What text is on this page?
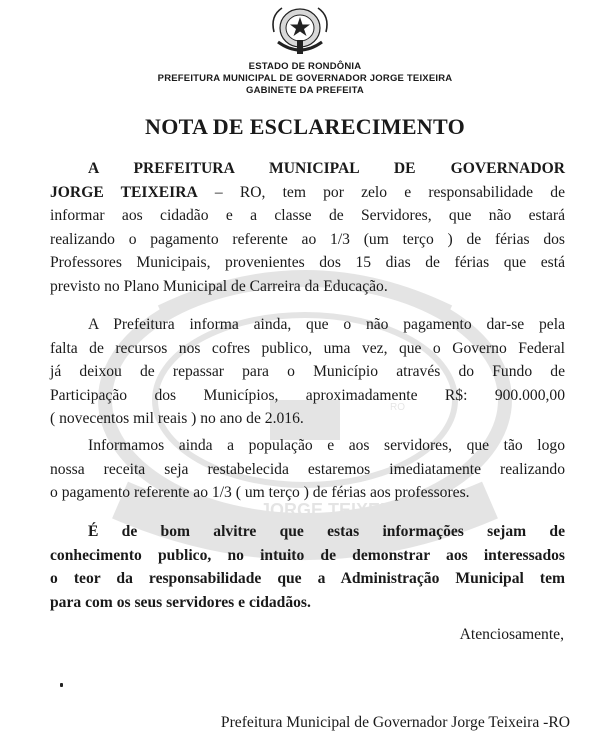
13-02	JORGE TEIXEIRA 1992
RO
ESTADO DE RONDÔNIA
PREFEITURA MUNICIPAL DE GOVERNADOR JORGE TEIXEIRA
GABINETE DA PREFEITA
NOTA DE ESCLARECIMENTO
A PREFEITURA MUNICIPAL DE GOVERNADOR
JORGE TEIXEIRA – RO, tem por zelo e responsabilidade de
informar aos cidadão e a classe de Servidores, que não estará
realizando o pagamento referente ao 1/3 (um terço ) de férias dos
Professores Municipais, provenientes dos 15 dias de férias que está
previsto no Plano Municipal de Carreira da Educação.
A Prefeitura informa ainda, que o não pagamento dar-se pela
falta de recursos nos cofres publico, uma vez, que o Governo Federal
já deixou de repassar para o Município através do Fundo de
Participação dos Municípios, aproximadamente R$: 900.000,00
( novecentos mil reais ) no ano de 2.016.
Informamos ainda a população e aos servidores, que tão logo
nossa receita seja restabelecida estaremos imediatamente realizando
o pagamento referente ao 1/3 ( um terço ) de férias aos professores.
É de bom alvitre que estas informações sejam de
conhecimento publico, no intuito de demonstrar aos interessados
o teor da responsabilidade que a Administração Municipal tem
para com os seus servidores e cidadãos.
Atenciosamente,
Prefeitura Municipal de Governador Jorge Teixeira -RO
